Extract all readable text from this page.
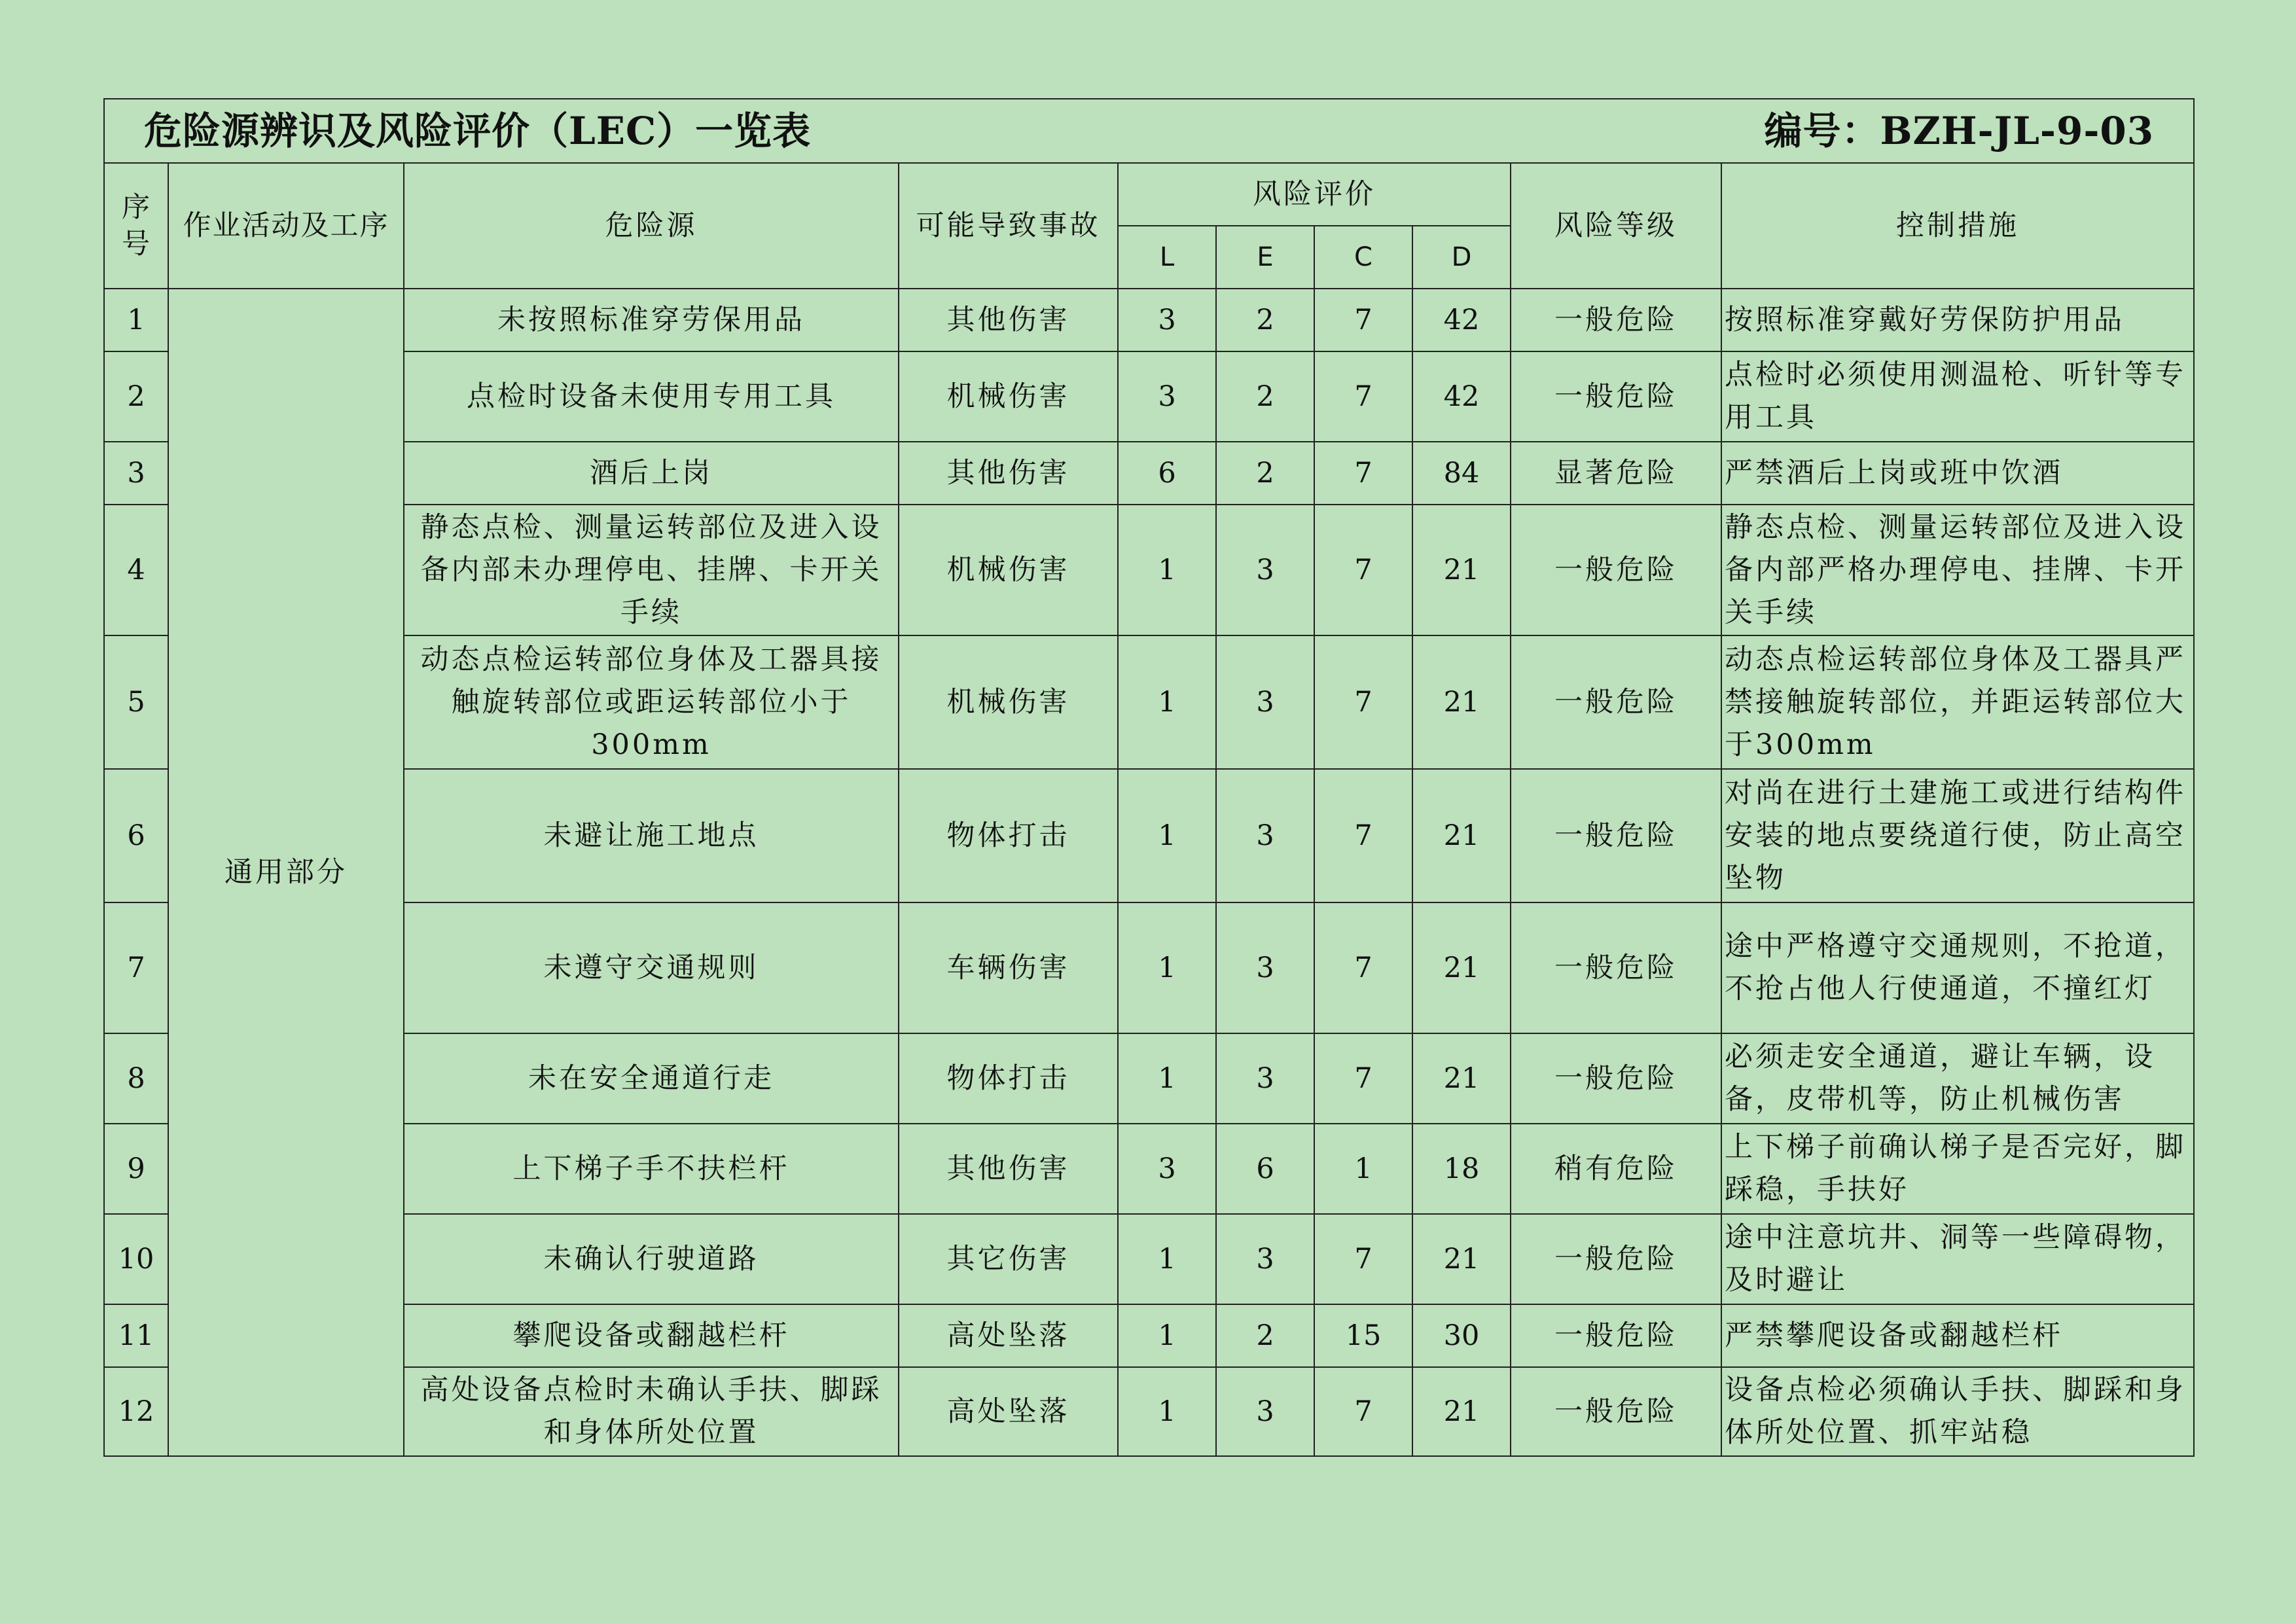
危险源辨识及风险评价（LEC）一览表 编号：BZH-JL-9-03									

序号	作业活动及工序	危险源	可能导致事故	风险评价				风险等级	控制措施
				L	E	C	D		
1	通用部分	未按照标准穿劳保用品	其他伤害	3	2	7	42	一般危险	按照标准穿戴好劳保防护用品
2		点检时设备未使用专用工具	机械伤害	3	2	7	42	一般危险	点检时必须使用测温枪、听针等专用工具
3		酒后上岗	其他伤害	6	2	7	84	显著危险	严禁酒后上岗或班中饮酒
4		静态点检、测量运转部位及进入设备内部未办理停电、挂牌、卡开关手续	机械伤害	1	3	7	21	一般危险	静态点检、测量运转部位及进入设备内部严格办理停电、挂牌、卡开关手续
5		动态点检运转部位身体及工器具接触旋转部位或距运转部位小于300mm	机械伤害	1	3	7	21	一般危险	动态点检运转部位身体及工器具严禁接触旋转部位，并距运转部位大于300mm
6		未避让施工地点	物体打击	1	3	7	21	一般危险	对尚在进行土建施工或进行结构件安装的地点要绕道行使，防止高空坠物
7		未遵守交通规则	车辆伤害	1	3	7	21	一般危险	途中严格遵守交通规则，不抢道，不抢占他人行使通道，不撞红灯
8		未在安全通道行走	物体打击	1	3	7	21	一般危险	必须走安全通道，避让车辆，设备，皮带机等，防止机械伤害
9		上下梯子手不扶栏杆	其他伤害	3	6	1	18	稍有危险	上下梯子前确认梯子是否完好，脚踩稳，手扶好
10		未确认行驶道路	其它伤害	1	3	7	21	一般危险	途中注意坑井、洞等一些障碍物，及时避让
11		攀爬设备或翻越栏杆	高处坠落	1	2	15	30	一般危险	严禁攀爬设备或翻越栏杆
12		高处设备点检时未确认手扶、脚踩和身体所处位置	高处坠落	1	3	7	21	一般危险	设备点检必须确认手扶、脚踩和身体所处位置、抓牢站稳
